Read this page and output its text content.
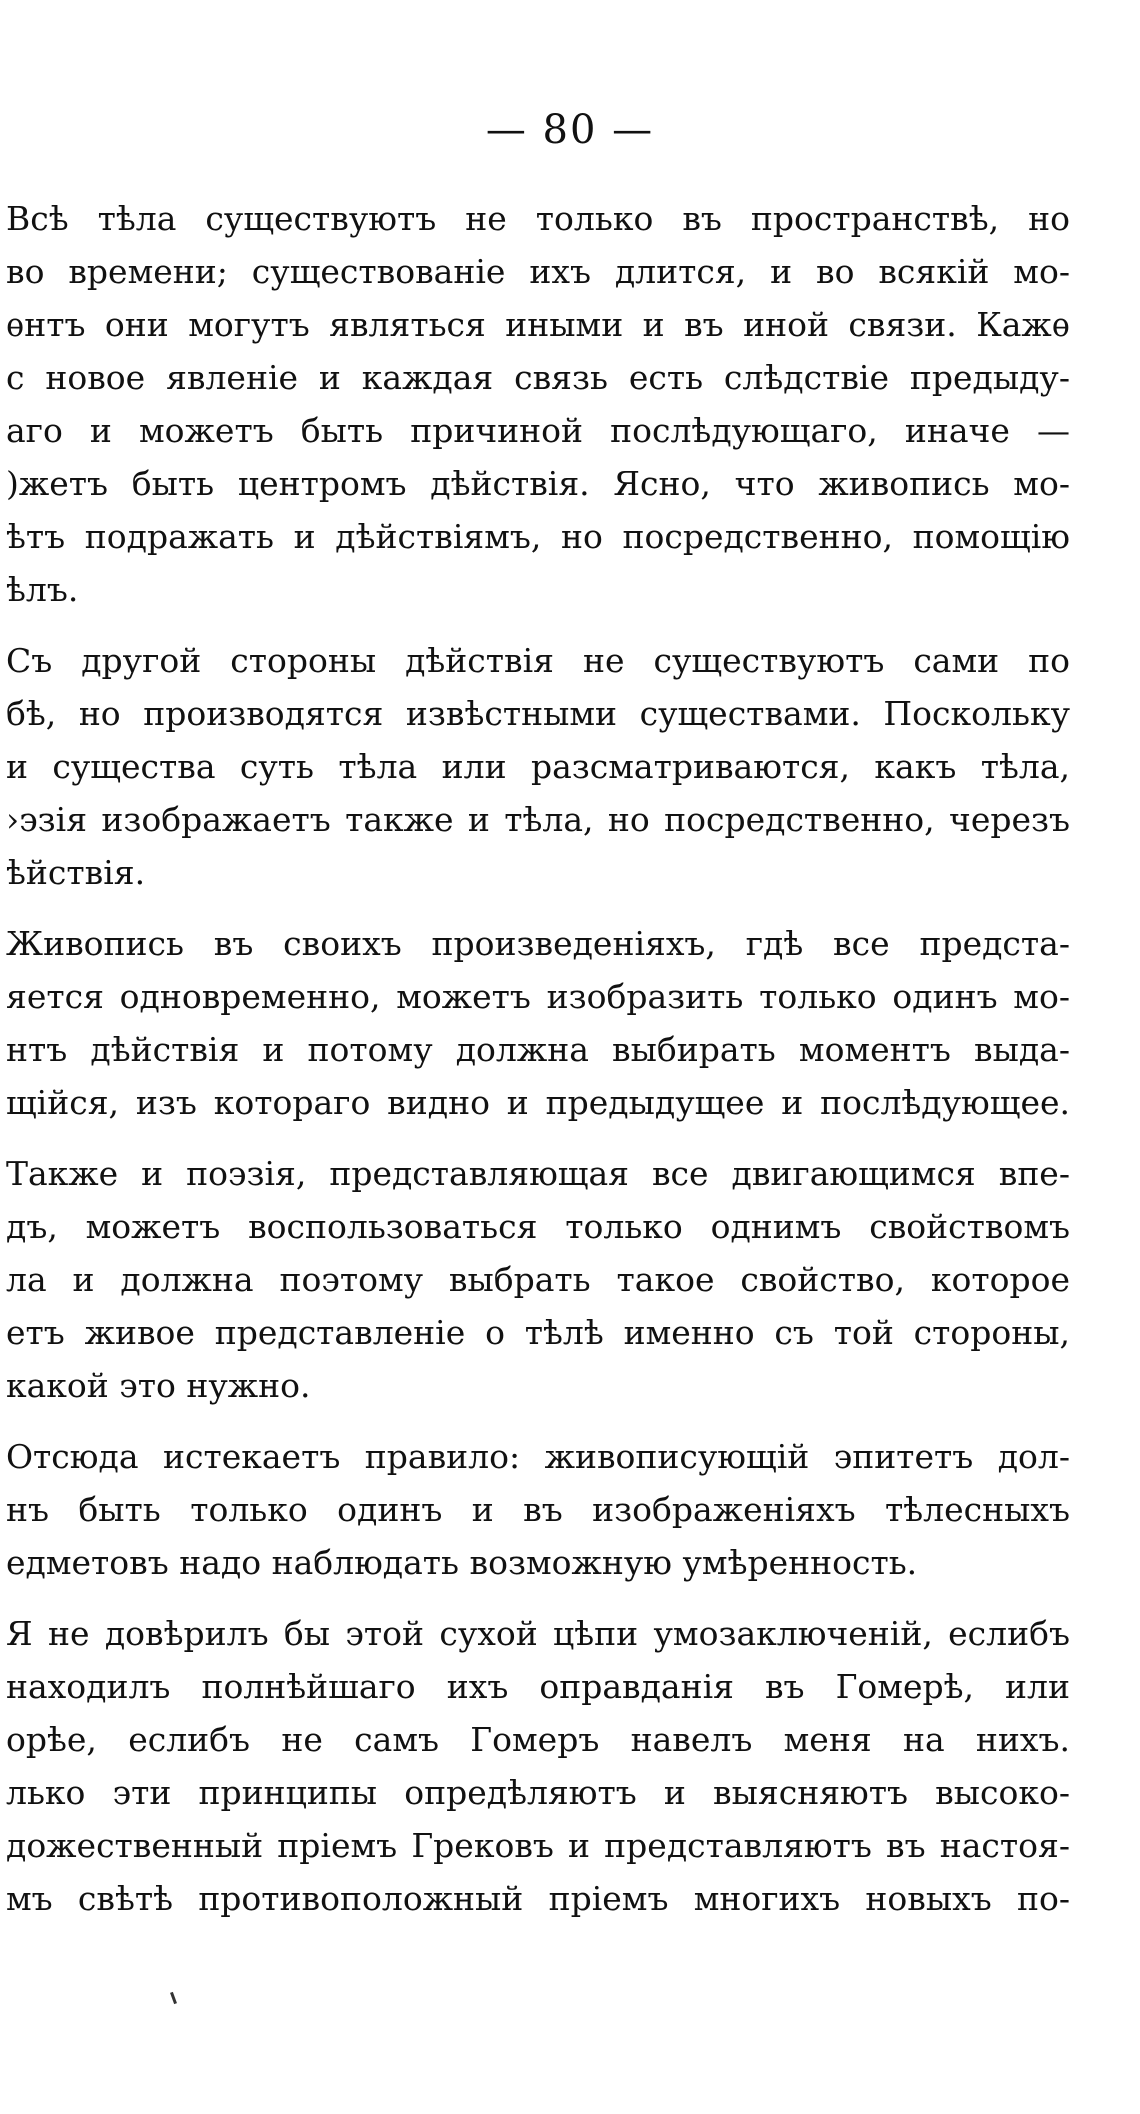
— 80 —

Всѣ тѣла существуютъ не только въ пространствѣ, но
во времени; существованіе ихъ длится, и во всякій мо-
ѳнтъ они могутъ являться иными и въ иной связи. Кажѳ
с новое явленіе и каждая связь есть слѣдствіе предыду-
аго и можетъ быть причиной послѣдующаго, иначе —
)жетъ быть центромъ дѣйствія. Ясно, что живопись мо-
ѣтъ подражать и дѣйствіямъ, но посредственно, помощію
ѣлъ.

Съ другой стороны дѣйствія не существуютъ сами по
бѣ, но производятся извѣстными существами. Поскольку
и существа суть тѣла или разсматриваются, какъ тѣла,
›эзія изображаетъ также и тѣла, но посредственно, черезъ
ѣйствія.

Живопись въ своихъ произведеніяхъ, гдѣ все предста-
яется одновременно, можетъ изобразить только одинъ мо-
нтъ дѣйствія и потому должна выбирать моментъ выда-
щійся, изъ котораго видно и предыдущее и послѣдующее.

Также и поэзія, представляющая все двигающимся впе-
дъ, можетъ воспользоваться только однимъ свойствомъ
ла и должна поэтому выбрать такое свойство, которое
етъ живое представленіе о тѣлѣ именно съ той стороны,
какой это нужно.

Отсюда истекаетъ правило: живописующій эпитетъ дол-
нъ быть только одинъ и въ изображеніяхъ тѣлесныхъ
едметовъ надо наблюдать возможную умѣренность.

Я не довѣрилъ бы этой сухой цѣпи умозаключеній, еслибъ
находилъ полнѣйшаго ихъ оправданія въ Гомерѣ, или
орѣе, еслибъ не самъ Гомеръ навелъ меня на нихъ.
лько эти принципы опредѣляютъ и выясняютъ высоко-
дожественный пріемъ Грековъ и представляютъ въ настоя-
мъ свѣтѣ противоположный пріемъ многихъ новыхъ по-
